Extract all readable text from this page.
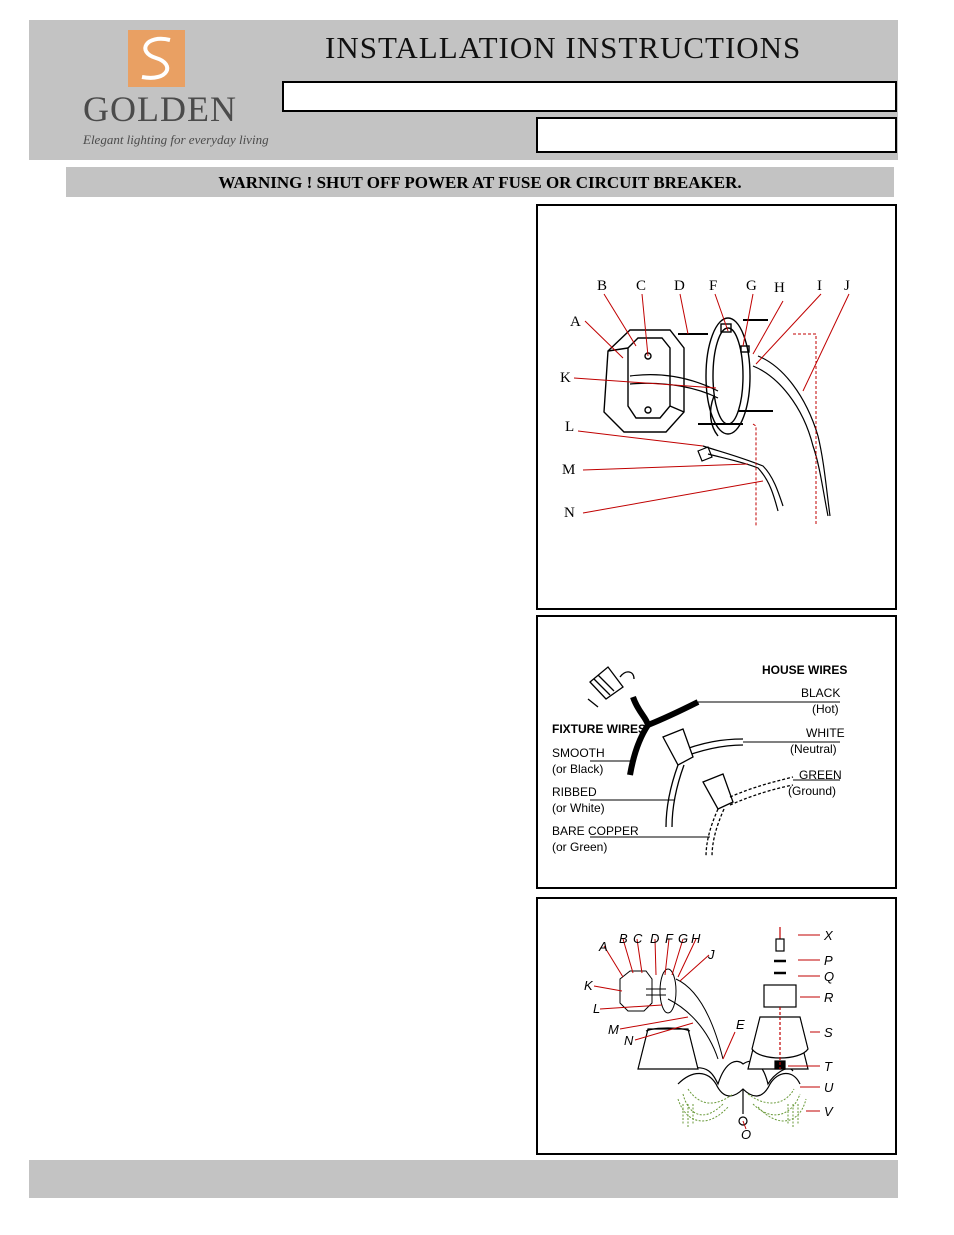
GOLDEN
Elegant lighting for everyday living
INSTALLATION INSTRUCTIONS
WARNING ! SHUT OFF POWER AT FUSE OR CIRCUIT BREAKER.
A
B C D F G H I J
K
L
M
N
HOUSE WIRES
BLACK
(Hot)
WHITE
(Neutral)
GREEN
(Ground)
FIXTURE WIRES
SMOOTH
(or Black)
RIBBED
(or White)
BARE COPPER
(or Green)
A
B C D F G H
J
K
L
M
N
E
O
X
P
Q
R
S
T
U
V
